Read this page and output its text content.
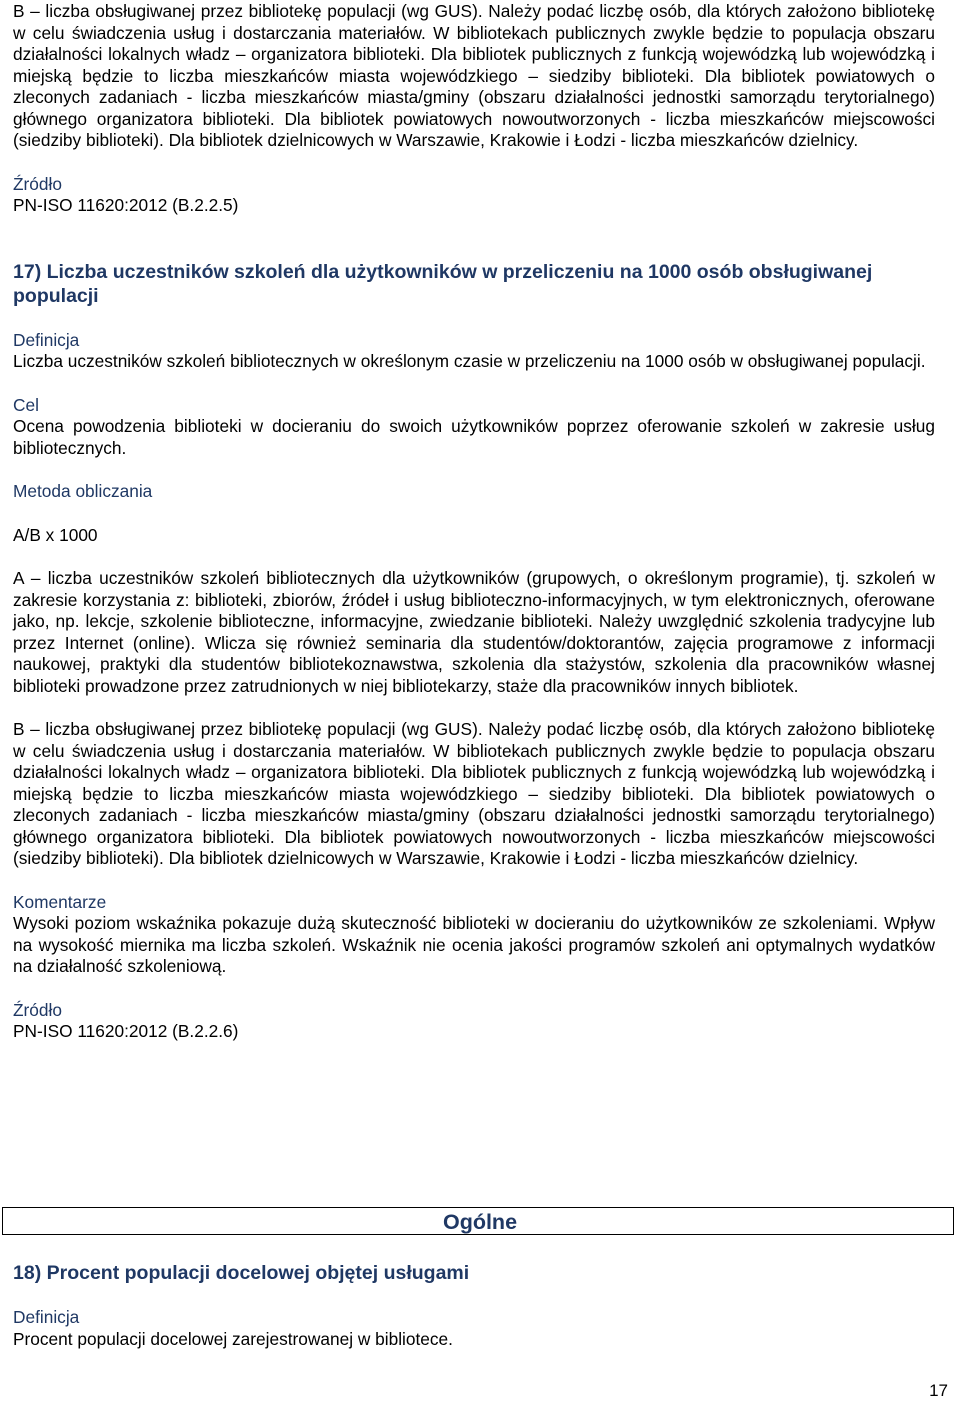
B – liczba obsługiwanej przez bibliotekę populacji (wg GUS). Należy podać liczbę osób, dla których założono bibliotekę w celu świadczenia usług i dostarczania materiałów. W bibliotekach publicznych zwykle będzie to populacja obszaru działalności lokalnych władz – organizatora biblioteki. Dla bibliotek publicznych z funkcją wojewódzką lub wojewódzką i miejską będzie to liczba mieszkańców miasta wojewódzkiego – siedziby biblioteki. Dla bibliotek powiatowych o zleconych zadaniach - liczba mieszkańców miasta/gminy (obszaru działalności jednostki samorządu terytorialnego) głównego organizatora biblioteki. Dla bibliotek powiatowych nowoutworzonych - liczba mieszkańców miejscowości (siedziby biblioteki). Dla bibliotek dzielnicowych w Warszawie, Krakowie i Łodzi - liczba mieszkańców dzielnicy.

Źródło

PN-ISO 11620:2012 (B.2.2.5)

17) Liczba uczestników szkoleń dla użytkowników w przeliczeniu na 1000 osób obsługiwanej populacji
Definicja

Liczba uczestników szkoleń bibliotecznych w określonym czasie w przeliczeniu na 1000 osób w obsługiwanej populacji.

Cel

Ocena powodzenia biblioteki w docieraniu do swoich użytkowników poprzez oferowanie szkoleń w zakresie usług bibliotecznych.

Metoda obliczania

A/B x 1000

A – liczba uczestników szkoleń bibliotecznych dla użytkowników (grupowych, o określonym programie), tj. szkoleń w zakresie korzystania z: biblioteki, zbiorów, źródeł i usług biblioteczno-informacyjnych, w tym elektronicznych, oferowane jako, np. lekcje, szkolenie biblioteczne, informacyjne, zwiedzanie biblioteki. Należy uwzględnić szkolenia tradycyjne lub przez Internet (online). Wlicza się również seminaria dla studentów/doktorantów, zajęcia programowe z informacji naukowej, praktyki dla studentów bibliotekoznawstwa, szkolenia dla stażystów, szkolenia dla pracowników własnej biblioteki prowadzone przez zatrudnionych w niej bibliotekarzy, staże dla pracowników innych bibliotek.

B – liczba obsługiwanej przez bibliotekę populacji (wg GUS). Należy podać liczbę osób, dla których założono bibliotekę w celu świadczenia usług i dostarczania materiałów. W bibliotekach publicznych zwykle będzie to populacja obszaru działalności lokalnych władz – organizatora biblioteki. Dla bibliotek publicznych z funkcją wojewódzką lub wojewódzką i miejską będzie to liczba mieszkańców miasta wojewódzkiego – siedziby biblioteki. Dla bibliotek powiatowych o zleconych zadaniach - liczba mieszkańców miasta/gminy (obszaru działalności jednostki samorządu terytorialnego) głównego organizatora biblioteki. Dla bibliotek powiatowych nowoutworzonych - liczba mieszkańców miejscowości (siedziby biblioteki). Dla bibliotek dzielnicowych w Warszawie, Krakowie i Łodzi - liczba mieszkańców dzielnicy.

Komentarze

Wysoki poziom wskaźnika pokazuje dużą skuteczność biblioteki w docieraniu do użytkowników ze szkoleniami. Wpływ na wysokość miernika ma liczba szkoleń. Wskaźnik nie ocenia jakości programów szkoleń ani optymalnych wydatków na działalność szkoleniową.

Źródło

PN-ISO 11620:2012 (B.2.2.6)

Ogólne
18) Procent populacji docelowej objętej usługami
Definicja

Procent populacji docelowej zarejestrowanej w bibliotece.

17
